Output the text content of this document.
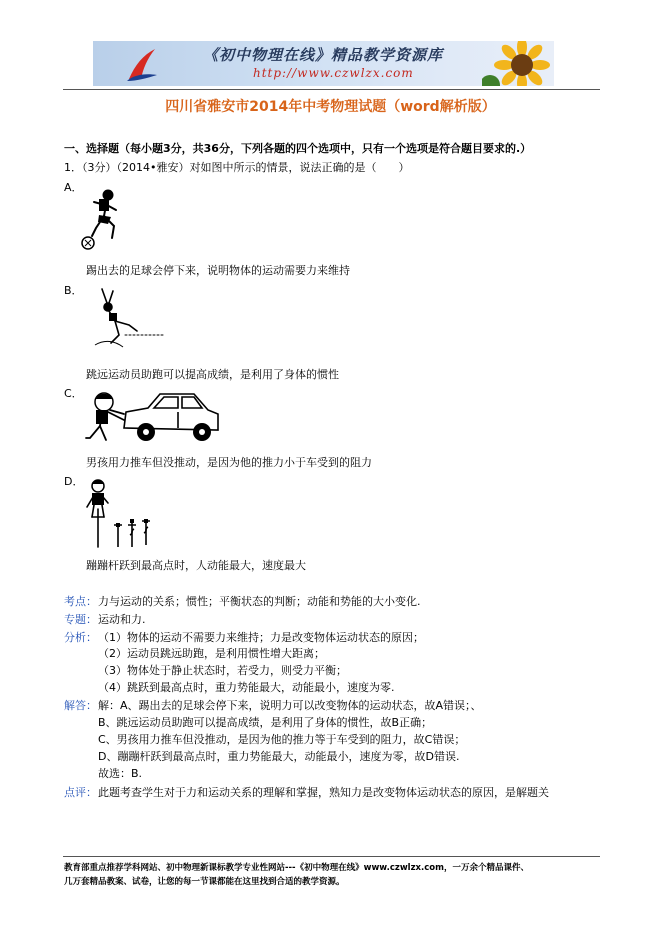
《初中物理在线》精品教学资源库
http://www.czwlzx.com
四川省雅安市2014年中考物理试题（word解析版）
一、选择题（每小题3分，共36分，下列各题的四个选项中，只有一个选项是符合题目要求的.）
1．（3分）（2014•雅安）对如图中所示的情景，说法正确的是（　　）
A．
踢出去的足球会停下来，说明物体的运动需要力来维持
B．
跳远运动员助跑可以提高成绩，是利用了身体的惯性
C．
男孩用力推车但没推动，是因为他的推力小于车受到的阻力
D．
蹦蹦杆跃到最高点时，人动能最大，速度最大
考点： 力与运动的关系；惯性；平衡状态的判断；动能和势能的大小变化.
专题： 运动和力.
分析： （1）物体的运动不需要力来维持；力是改变物体运动状态的原因；
（2）运动员跳远助跑，是利用惯性增大距离；
（3）物体处于静止状态时，若受力，则受力平衡；
（4）跳跃到最高点时，重力势能最大，动能最小，速度为零.
解答： 解：A、踢出去的足球会停下来，说明力可以改变物体的运动状态，故A错误；、
B、跳远运动员助跑可以提高成绩，是利用了身体的惯性，故B正确；
C、男孩用力推车但没推动，是因为他的推力等于车受到的阻力，故C错误；
D、蹦蹦杆跃到最高点时，重力势能最大，动能最小，速度为零，故D错误.
故选：B.
点评： 此题考查学生对于力和运动关系的理解和掌握，熟知力是改变物体运动状态的原因，是解题关
教育部重点推荐学科网站、初中物理新课标教学专业性网站---《初中物理在线》www.czwlzx.com，一万余个精品课件、
几万套精品教案、试卷，让您的每一节课都能在这里找到合适的教学资源。
